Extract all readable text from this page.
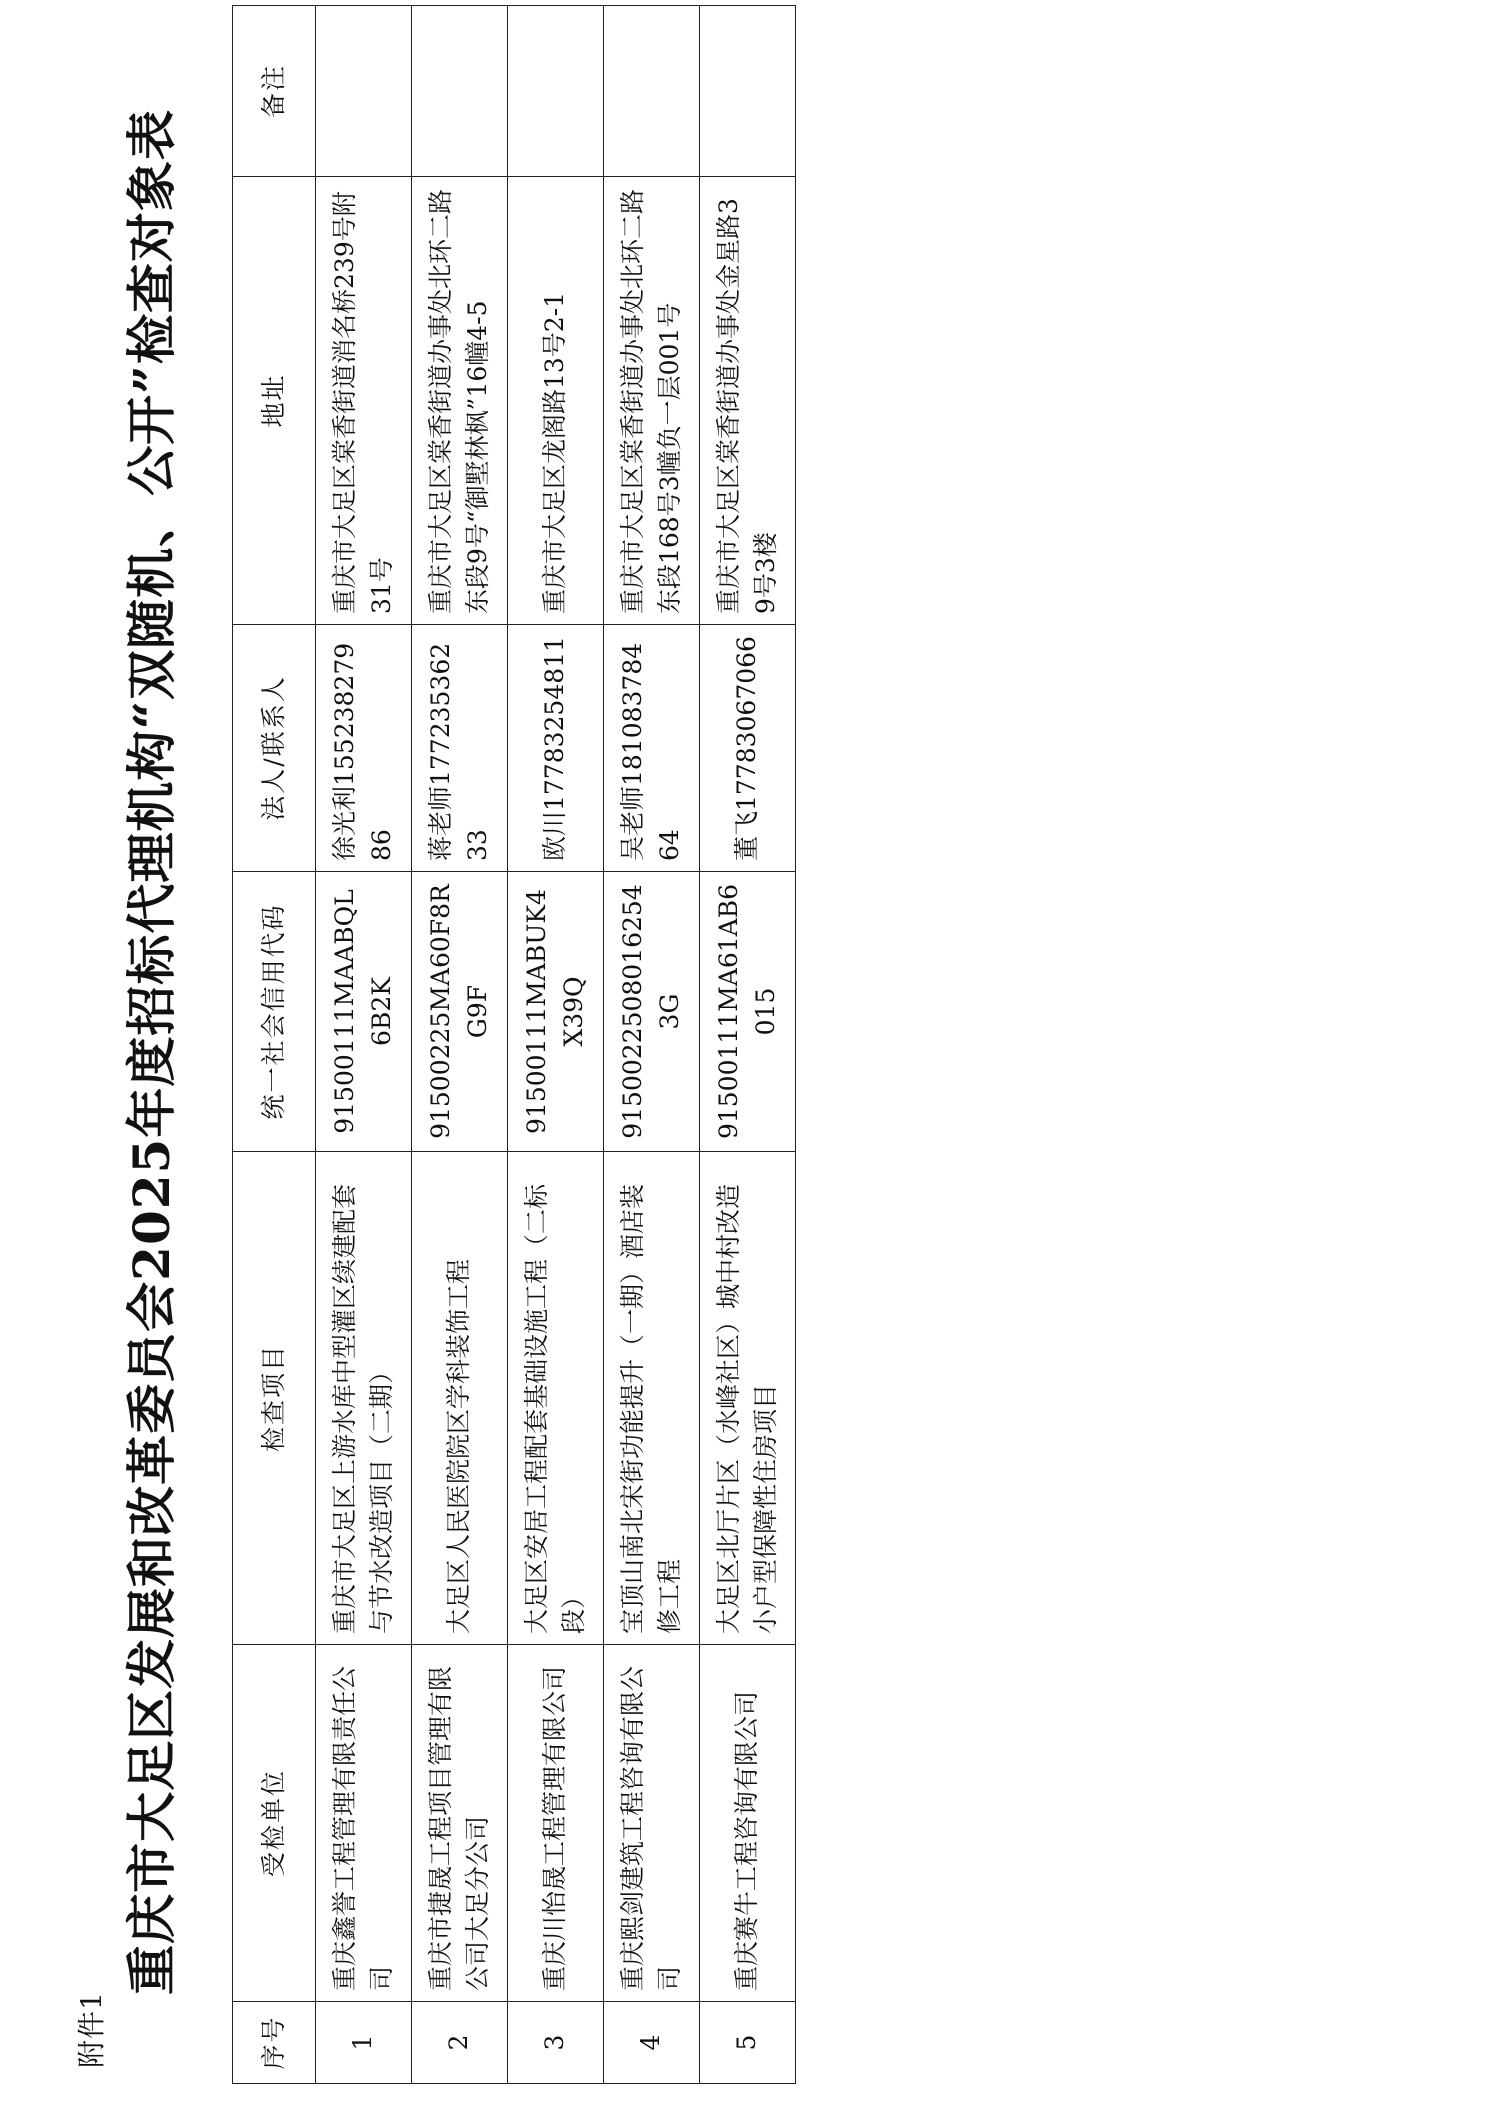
附件1
重庆市大足区发展和改革委员会2025年度招标代理机构“双随机、公开”检查对象表
序号	受检单位	检查项目	统一社会信用代码	法人/联系人	地址	备注
1	重庆鑫誉工程管理有限责任公司	重庆市大足区上游水库中型灌区续建配套与节水改造项目（二期）	91500111MAABQL6B2K	徐光利15523827986	重庆市大足区棠香街道消名桥239号附31号	
2	重庆市捷晟工程项目管理有限公司大足分公司	大足区人民医院院区学科装饰工程	91500225MA60F8RG9F	蒋老师17723536233	重庆市大足区棠香街道办事处北环二路东段9号“御墅林枫”16幢4-5	
3	重庆川怡晟工程管理有限公司	大足区安居工程配套基础设施工程（二标段）	91500111MABUK4X39Q	欧川17783254811	重庆市大足区龙阁路13号2-1	
4	重庆熙剑建筑工程咨询有限公司	宝顶山南北宋街功能提升（一期）酒店装修工程	91500225080162543G	吴老师18108378464	重庆市大足区棠香街道办事处北环二路东段168号3幢负一层001号	
5	重庆赛牛工程咨询有限公司	大足区北厅片区（水峰社区）城中村改造小户型保障性住房项目	91500111MA61AB6015	董飞17783067066	重庆市大足区棠香街道办事处金星路39号3楼	
